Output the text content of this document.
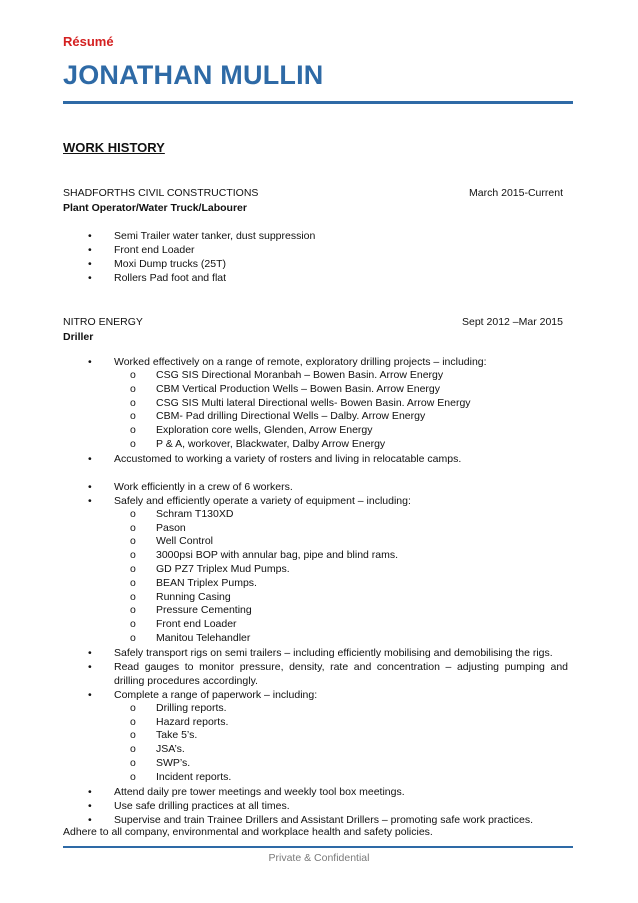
Résumé
JONATHAN MULLIN
WORK HISTORY
SHADFORTHS CIVIL CONSTRUCTIONS	March 2015-Current
Plant Operator/Water Truck/Labourer
• Semi Trailer water tanker, dust suppression
• Front end Loader
• Moxi Dump trucks (25T)
• Rollers Pad foot and flat
NITRO ENERGY	Sept 2012 –Mar 2015
Driller
• Worked effectively on a range of remote, exploratory drilling projects – including:
o CSG SIS Directional Moranbah – Bowen Basin. Arrow Energy
o CBM Vertical Production Wells – Bowen Basin. Arrow Energy
o CSG SIS Multi lateral Directional wells- Bowen Basin. Arrow Energy
o CBM- Pad drilling Directional Wells – Dalby. Arrow Energy
o Exploration core wells, Glenden, Arrow Energy
o P & A, workover, Blackwater, Dalby Arrow Energy
• Accustomed to working a variety of rosters and living in relocatable camps.
• Work efficiently in a crew of 6 workers.
• Safely and efficiently operate a variety of equipment – including:
o Schram T130XD
o Pason
o Well Control
o 3000psi BOP with annular bag, pipe and blind rams.
o GD PZ7 Triplex Mud Pumps.
o BEAN Triplex Pumps.
o Running Casing
o Pressure Cementing
o Front end Loader
o Manitou Telehandler
• Safely transport rigs on semi trailers – including efficiently mobilising and demobilising the rigs.
• Read gauges to monitor pressure, density, rate and concentration – adjusting pumping and drilling procedures accordingly.
• Complete a range of paperwork – including:
o Drilling reports.
o Hazard reports.
o Take 5’s.
o JSA’s.
o SWP’s.
o Incident reports.
• Attend daily pre tower meetings and weekly tool box meetings.
• Use safe drilling practices at all times.
• Supervise and train Trainee Drillers and Assistant Drillers – promoting safe work practices.
Adhere to all company, environmental and workplace health and safety policies.
Private & Confidential
